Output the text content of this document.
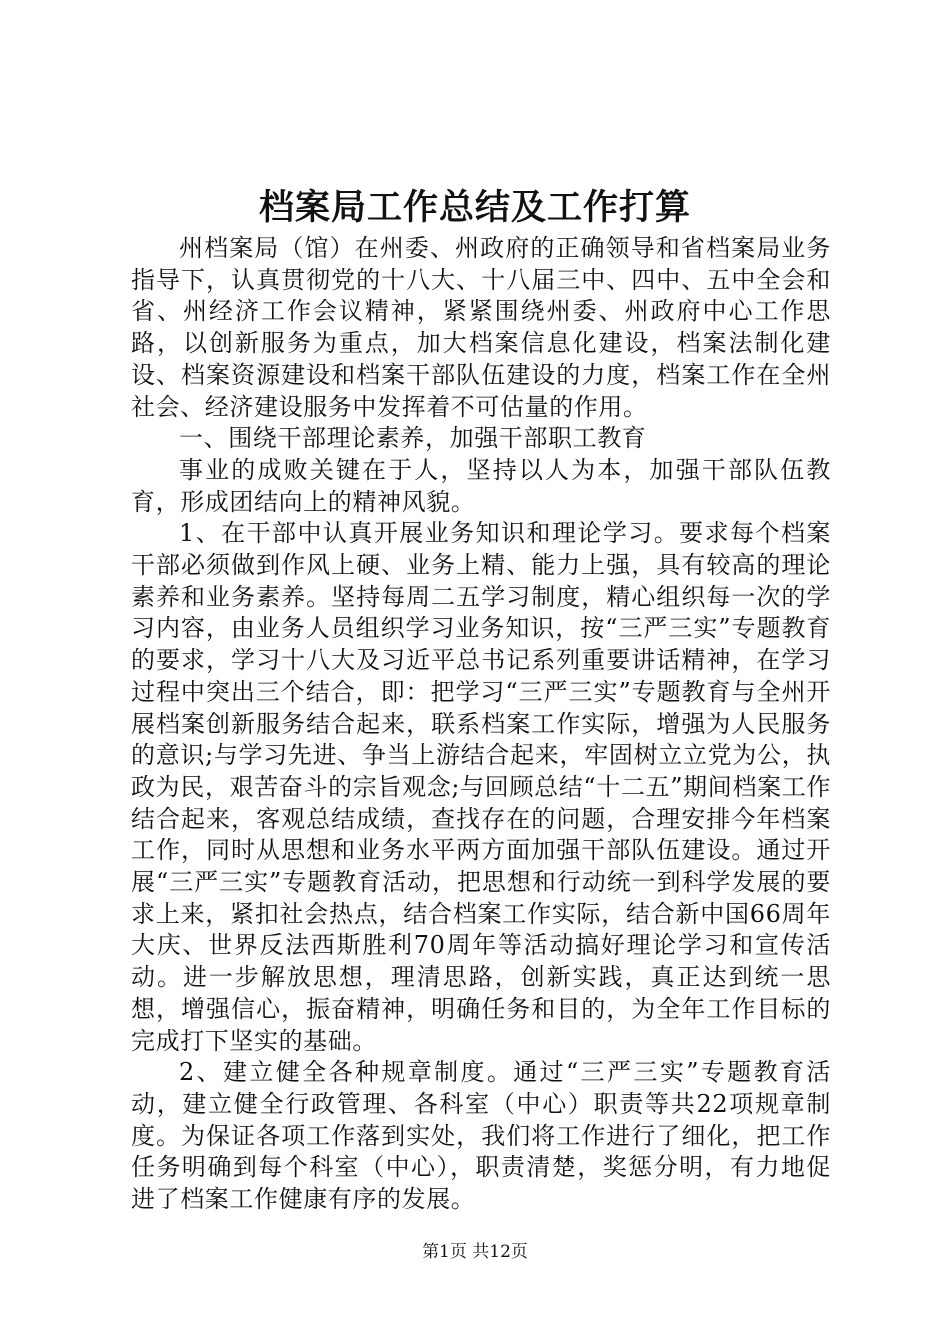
档案局工作总结及工作打算

州档案局（馆）在州委、州政府的正确领导和省档案局业务指导下，认真贯彻党的十八大、十八届三中、四中、五中全会和省、州经济工作会议精神，紧紧围绕州委、州政府中心工作思路，以创新服务为重点，加大档案信息化建设，档案法制化建设、档案资源建设和档案干部队伍建设的力度，档案工作在全州社会、经济建设服务中发挥着不可估量的作用。

一、围绕干部理论素养，加强干部职工教育

事业的成败关键在于人，坚持以人为本，加强干部队伍教育，形成团结向上的精神风貌。

1、在干部中认真开展业务知识和理论学习。要求每个档案干部必须做到作风上硬、业务上精、能力上强，具有较高的理论素养和业务素养。坚持每周二五学习制度，精心组织每一次的学习内容，由业务人员组织学习业务知识，按“三严三实”专题教育的要求，学习十八大及习近平总书记系列重要讲话精神，在学习过程中突出三个结合，即：把学习“三严三实”专题教育与全州开展档案创新服务结合起来，联系档案工作实际，增强为人民服务的意识;与学习先进、争当上游结合起来，牢固树立立党为公，执政为民，艰苦奋斗的宗旨观念;与回顾总结“十二五”期间档案工作结合起来，客观总结成绩，查找存在的问题，合理安排今年档案工作，同时从思想和业务水平两方面加强干部队伍建设。通过开展“三严三实”专题教育活动，把思想和行动统一到科学发展的要求上来，紧扣社会热点，结合档案工作实际，结合新中国66周年大庆、世界反法西斯胜利70周年等活动搞好理论学习和宣传活动。进一步解放思想，理清思路，创新实践，真正达到统一思想，增强信心，振奋精神，明确任务和目的，为全年工作目标的完成打下坚实的基础。

2、建立健全各种规章制度。通过“三严三实”专题教育活动，建立健全行政管理、各科室（中心）职责等共22项规章制度。为保证各项工作落到实处，我们将工作进行了细化，把工作任务明确到每个科室（中心），职责清楚，奖惩分明，有力地促进了档案工作健康有序的发展。

第1页 共12页
